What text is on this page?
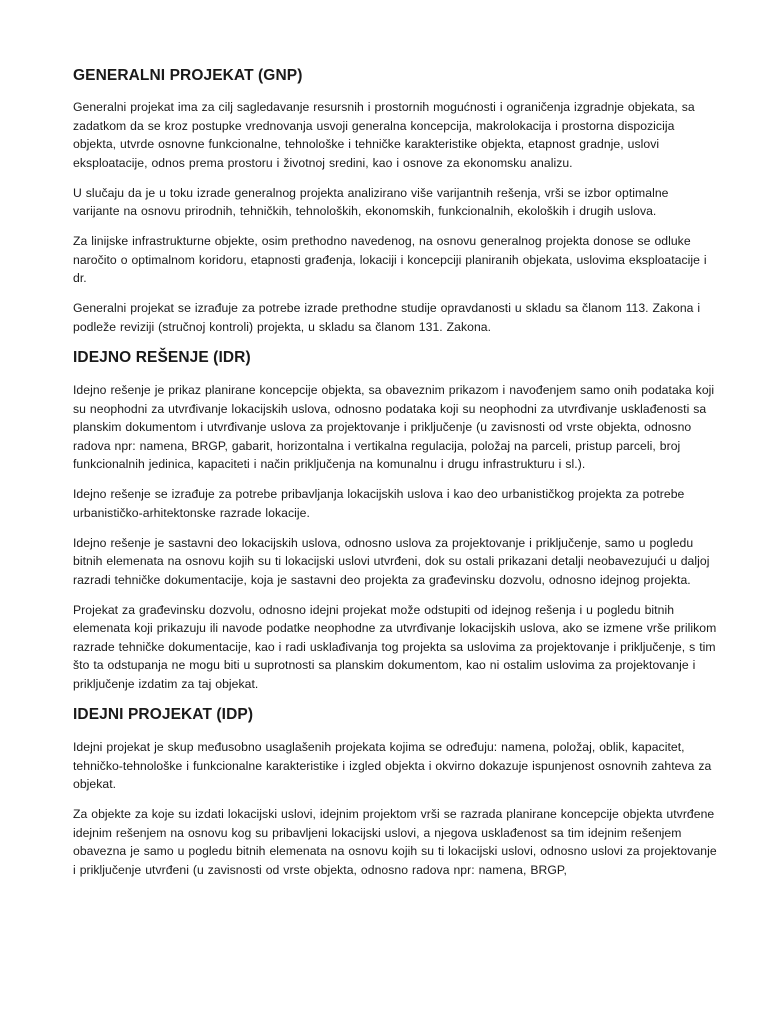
GENERALNI PROJEKAT (GNP)

Generalni projekat ima za cilj sagledavanje resursnih i prostornih mogućnosti i ograničenja izgradnje objekata, sa zadatkom da se kroz postupke vrednovanja usvoji generalna koncepcija, makrolokacija i prostorna dispozicija objekta, utvrde osnovne funkcionalne, tehnološke i tehničke karakteristike objekta, etapnost gradnje, uslovi eksploatacije, odnos prema prostoru i životnoj sredini, kao i osnove za ekonomsku analizu.

U slučaju da je u toku izrade generalnog projekta analizirano više varijantnih rešenja, vrši se izbor optimalne varijante na osnovu prirodnih, tehničkih, tehnoloških, ekonomskih, funkcionalnih, ekoloških i drugih uslova.

Za linijske infrastrukturne objekte, osim prethodno navedenog, na osnovu generalnog projekta donose se odluke naročito o optimalnom koridoru, etapnosti građenja, lokaciji i koncepciji planiranih objekata, uslovima eksploatacije i dr.

Generalni projekat se izrađuje za potrebe izrade prethodne studije opravdanosti u skladu sa članom 113. Zakona i podleže reviziji (stručnoj kontroli) projekta, u skladu sa članom 131. Zakona.

IDEJNO REŠENJE (IDR)

Idejno rešenje je prikaz planirane koncepcije objekta, sa obaveznim prikazom i navođenjem samo onih podataka koji su neophodni za utvrđivanje lokacijskih uslova, odnosno podataka koji su neophodni za utvrđivanje usklađenosti sa planskim dokumentom i utvrđivanje uslova za projektovanje i priključenje (u zavisnosti od vrste objekta, odnosno radova npr: namena, BRGP, gabarit, horizontalna i vertikalna regulacija, položaj na parceli, pristup parceli, broj funkcionalnih jedinica, kapaciteti i način priključenja na komunalnu i drugu infrastrukturu i sl.).

Idejno rešenje se izrađuje za potrebe pribavljanja lokacijskih uslova i kao deo urbanističkog projekta za potrebe urbanističko-arhitektonske razrade lokacije.

Idejno rešenje je sastavni deo lokacijskih uslova, odnosno uslova za projektovanje i priključenje, samo u pogledu bitnih elemenata na osnovu kojih su ti lokacijski uslovi utvrđeni, dok su ostali prikazani detalji neobavezujući u daljoj razradi tehničke dokumentacije, koja je sastavni deo projekta za građevinsku dozvolu, odnosno idejnog projekta.

Projekat za građevinsku dozvolu, odnosno idejni projekat može odstupiti od idejnog rešenja i u pogledu bitnih elemenata koji prikazuju ili navode podatke neophodne za utvrđivanje lokacijskih uslova, ako se izmene vrše prilikom razrade tehničke dokumentacije, kao i radi usklađivanja tog projekta sa uslovima za projektovanje i priključenje, s tim što ta odstupanja ne mogu biti u suprotnosti sa planskim dokumentom, kao ni ostalim uslovima za projektovanje i priključenje izdatim za taj objekat.

IDEJNI PROJEKAT (IDP)

Idejni projekat je skup međusobno usaglašenih projekata kojima se određuju: namena, položaj, oblik, kapacitet, tehničko-tehnološke i funkcionalne karakteristike i izgled objekta i okvirno dokazuje ispunjenost osnovnih zahteva za objekat.

Za objekte za koje su izdati lokacijski uslovi, idejnim projektom vrši se razrada planirane koncepcije objekta utvrđene idejnim rešenjem na osnovu kog su pribavljeni lokacijski uslovi, a njegova usklađenost sa tim idejnim rešenjem obavezna je samo u pogledu bitnih elemenata na osnovu kojih su ti lokacijski uslovi, odnosno uslovi za projektovanje i priključenje utvrđeni (u zavisnosti od vrste objekta, odnosno radova npr: namena, BRGP,
